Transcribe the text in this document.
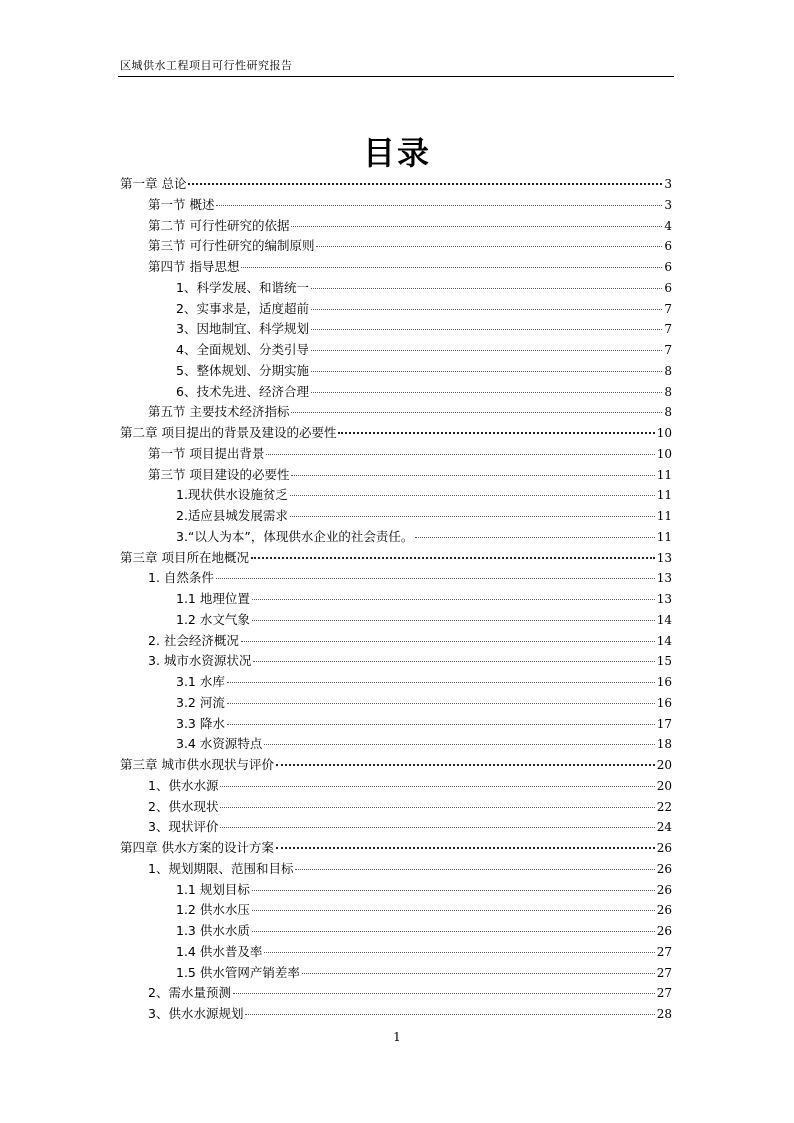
区城供水工程项目可行性研究报告
目录
第一章 总论	3
第一节 概述	3
第二节 可行性研究的依据	4
第三节 可行性研究的编制原则	6
第四节 指导思想	6
1、科学发展、和谐统一	6
2、实事求是，适度超前	7
3、因地制宜、科学规划	7
4、全面规划、分类引导	7
5、整体规划、分期实施	8
6、技术先进、经济合理	8
第五节 主要技术经济指标	8
第二章 项目提出的背景及建设的必要性	10
第一节 项目提出背景	10
第三节 项目建设的必要性	11
1.现状供水设施贫乏	11
2.适应县城发展需求	11
3.“以人为本”，体现供水企业的社会责任。	11
第三章 项目所在地概况	13
1. 自然条件	13
1.1 地理位置	13
1.2 水文气象	14
2. 社会经济概况	14
3. 城市水资源状况	15
3.1 水库	16
3.2 河流	16
3.3 降水	17
3.4 水资源特点	18
第三章 城市供水现状与评价	20
1、供水水源	20
2、供水现状	22
3、现状评价	24
第四章 供水方案的设计方案	26
1、规划期限、范围和目标	26
1.1 规划目标	26
1.2 供水水压	26
1.3 供水水质	26
1.4 供水普及率	27
1.5 供水管网产销差率	27
2、需水量预测	27
3、供水水源规划	28
1
